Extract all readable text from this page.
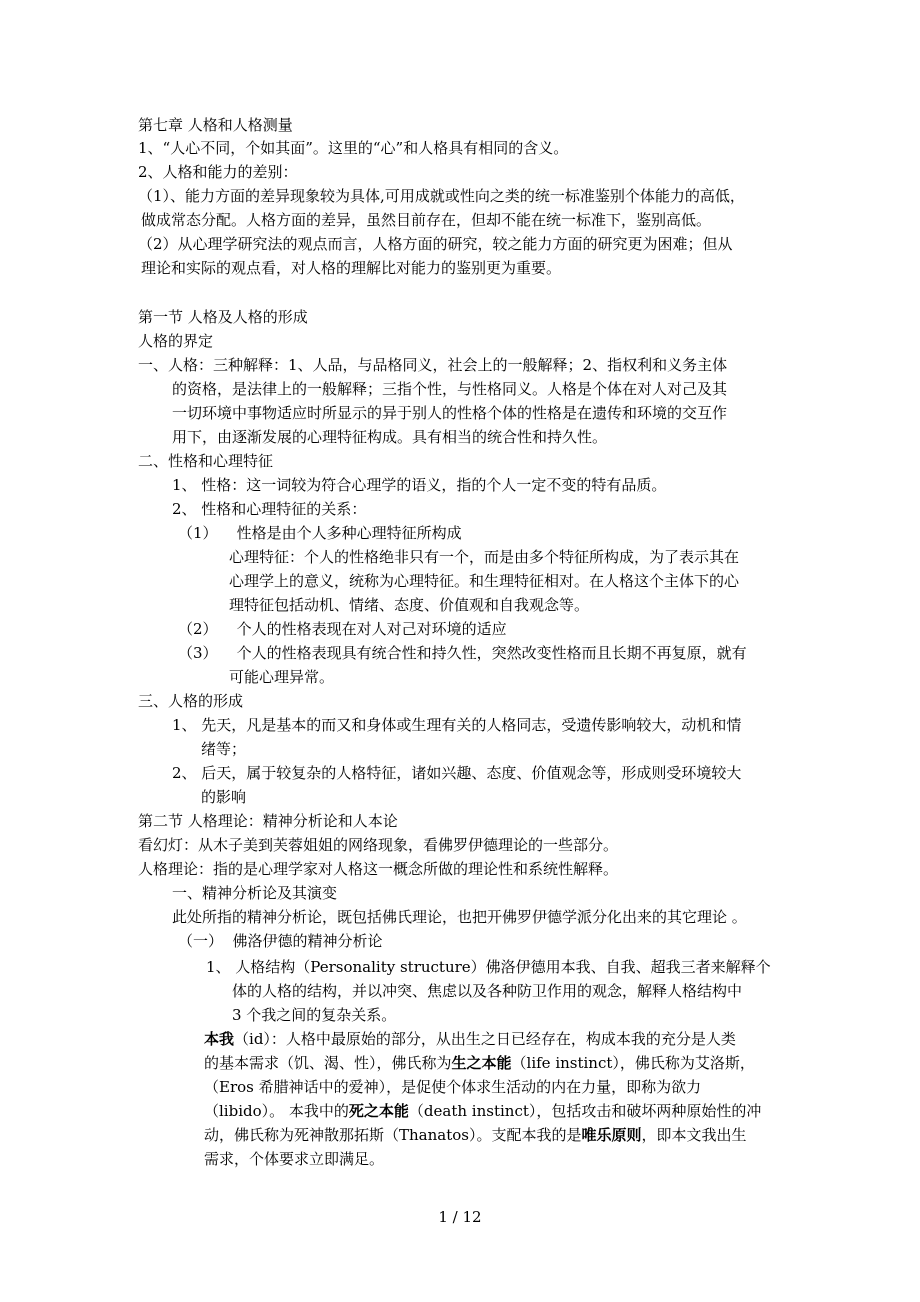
第七章 人格和人格测量
1、“人心不同，个如其面”。这里的“心”和人格具有相同的含义。
2、人格和能力的差别：
（1）、能力方面的差异现象较为具体,可用成就或性向之类的统一标准鉴别个体能力的高低，
做成常态分配。人格方面的差异，虽然目前存在，但却不能在统一标准下，鉴别高低。
（2）从心理学研究法的观点而言，人格方面的研究，较之能力方面的研究更为困难；但从
理论和实际的观点看，对人格的理解比对能力的鉴别更为重要。
第一节 人格及人格的形成
人格的界定
一、人格：三种解释：1、人品，与品格同义，社会上的一般解释；2、指权利和义务主体
的资格，是法律上的一般解释；三指个性，与性格同义。人格是个体在对人对己及其
一切环境中事物适应时所显示的异于别人的性格个体的性格是在遗传和环境的交互作
用下，由逐渐发展的心理特征构成。具有相当的统合性和持久性。
二、性格和心理特征
1、 性格：这一词较为符合心理学的语义，指的个人一定不变的特有品质。
2、 性格和心理特征的关系：
（1）    性格是由个人多种心理特征所构成
心理特征：个人的性格绝非只有一个，而是由多个特征所构成，为了表示其在
心理学上的意义，统称为心理特征。和生理特征相对。在人格这个主体下的心
理特征包括动机、情绪、态度、价值观和自我观念等。
（2）    个人的性格表现在对人对己对环境的适应
（3）    个人的性格表现具有统合性和持久性，突然改变性格而且长期不再复原，就有
可能心理异常。
三、人格的形成
1、 先天，凡是基本的而又和身体或生理有关的人格同志，受遗传影响较大，动机和情
绪等；
2、 后天，属于较复杂的人格特征，诸如兴趣、态度、价值观念等，形成则受环境较大
的影响
第二节 人格理论：精神分析论和人本论
看幻灯：从木子美到芙蓉姐姐的网络现象，看佛罗伊德理论的一些部分。
人格理论：指的是心理学家对人格这一概念所做的理论性和系统性解释。
一、精神分析论及其演变
此处所指的精神分析论，既包括佛氏理论，也把开佛罗伊德学派分化出来的其它理论 。
（一）  佛洛伊德的精神分析论
1、 人格结构（Personality structure）佛洛伊德用本我、自我、超我三者来解释个
体的人格的结构，并以冲突、焦虑以及各种防卫作用的观念，解释人格结构中
3 个我之间的复杂关系。
本我（id）：人格中最原始的部分，从出生之日已经存在，构成本我的充分是人类
的基本需求（饥、渴、性），佛氏称为生之本能（life instinct），佛氏称为艾洛斯，
（Eros 希腊神话中的爱神），是促使个体求生活动的内在力量，即称为欲力
（libido）。 本我中的死之本能（death instinct），包括攻击和破坏两种原始性的冲
动，佛氏称为死神散那拓斯（Thanatos）。支配本我的是唯乐原则，即本文我出生
需求，个体要求立即满足。
1 / 12
